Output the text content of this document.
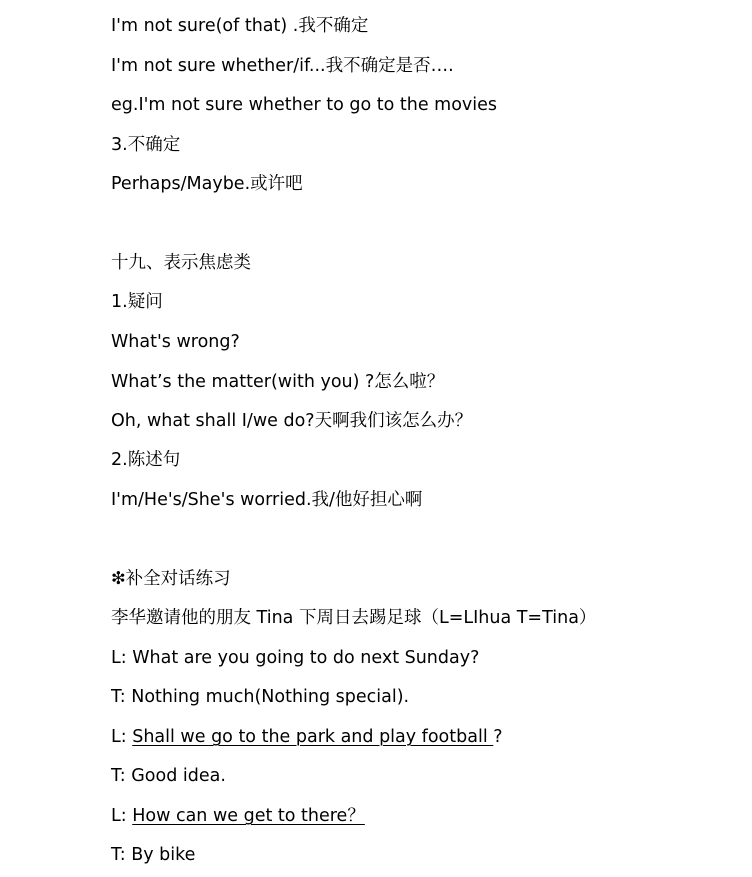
I'm not sure(of that) .我不确定
I'm not sure whether/if...我不确定是否….
eg.I'm not sure whether to go to the movies
3.不确定
Perhaps/Maybe.或许吧
十九、表示焦虑类
1.疑问
What's wrong?
What’s the matter(with you) ?怎么啦？
Oh, what shall I/we do?天啊我们该怎么办？
2.陈述句
I'm/He's/She's worried.我/他好担心啊
❇补全对话练习
李华邀请他的朋友 Tina 下周日去踢足球（L=LIhua T=Tina）
L: What are you going to do next Sunday?
T: Nothing much(Nothing special).
L: Shall we go to the park and play football ?
T: Good idea.
L: How can we get to there？
T: By bike
